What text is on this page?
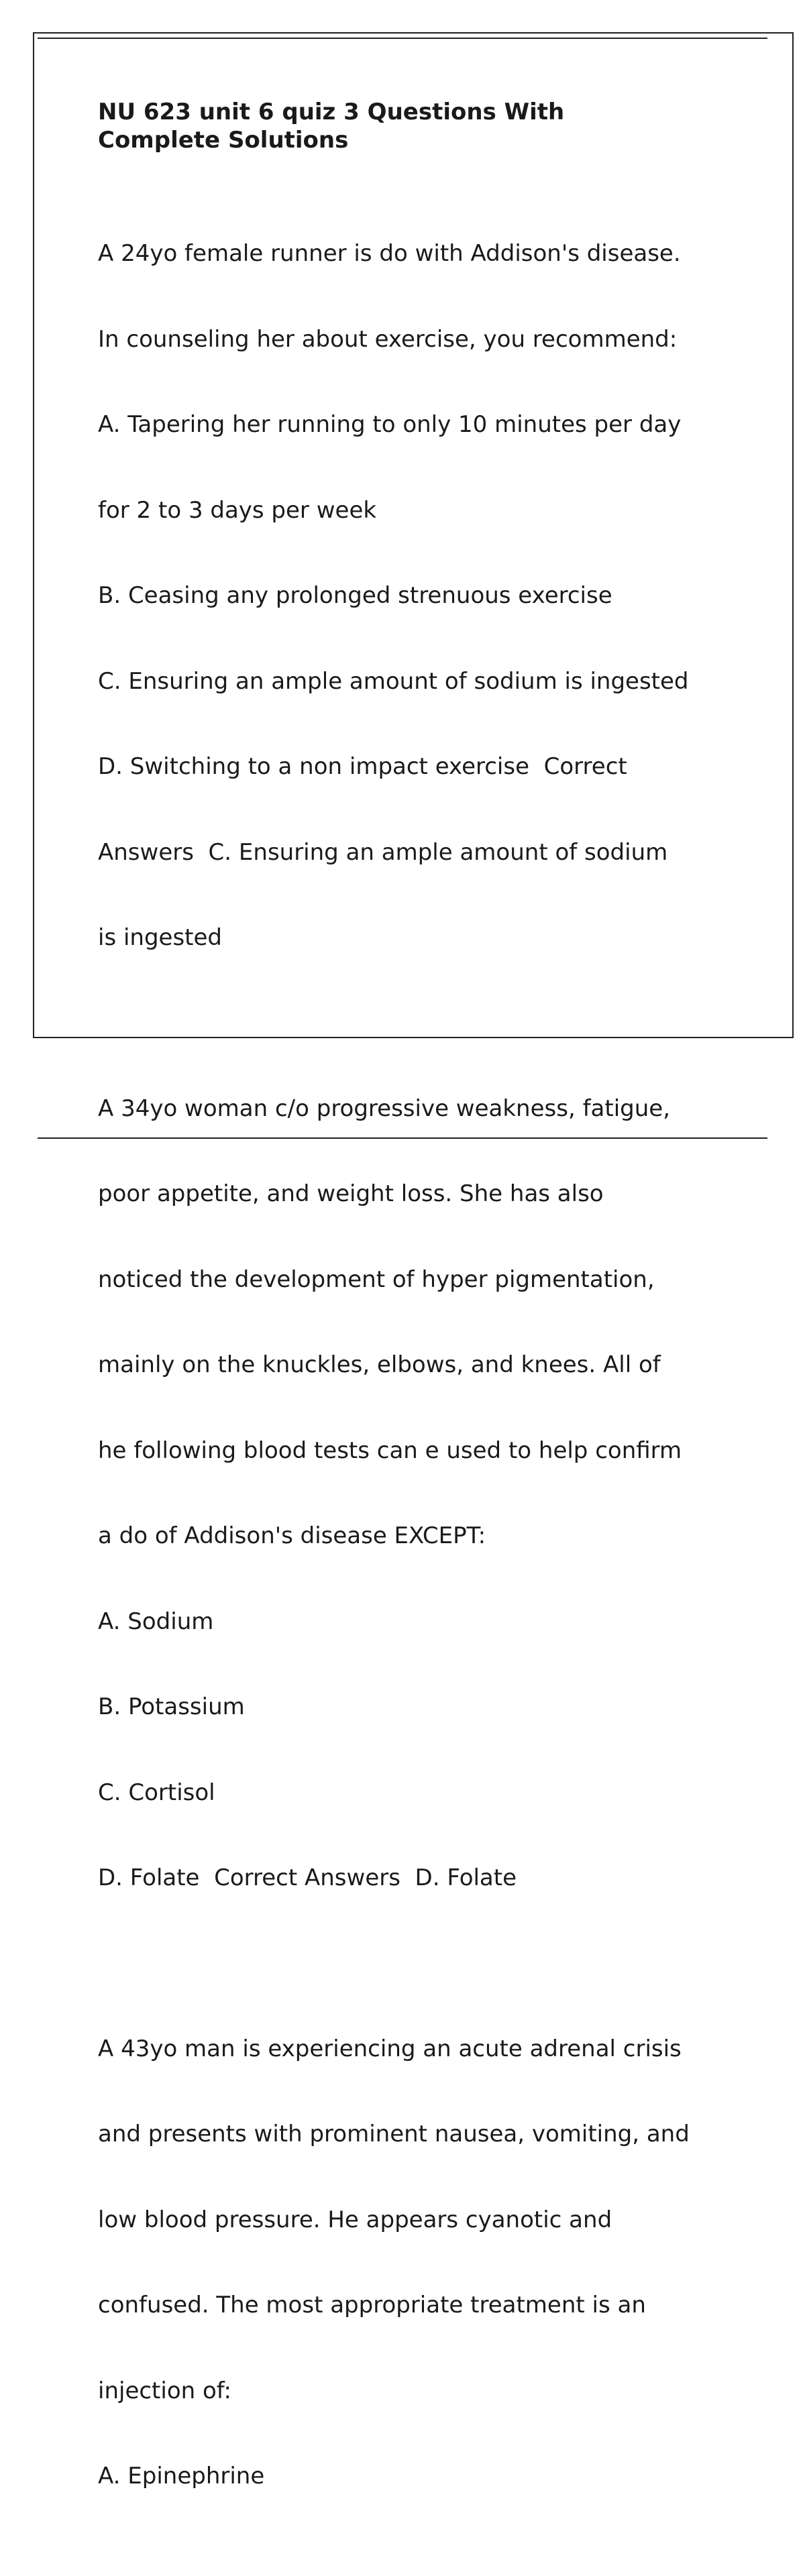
NU 623 unit 6 quiz 3 Questions With Complete Solutions

A 24yo female runner is do with Addison's disease.

In counseling her about exercise, you recommend:

A. Tapering her running to only 10 minutes per day

for 2 to 3 days per week

B. Ceasing any prolonged strenuous exercise

C. Ensuring an ample amount of sodium is ingested

D. Switching to a non impact exercise  Correct

Answers  C. Ensuring an ample amount of sodium

is ingested

A 34yo woman c/o progressive weakness, fatigue,

poor appetite, and weight loss. She has also

noticed the development of hyper pigmentation,

mainly on the knuckles, elbows, and knees. All of

he following blood tests can e used to help confirm

a do of Addison's disease EXCEPT:

A. Sodium

B. Potassium

C. Cortisol

D. Folate  Correct Answers  D. Folate

A 43yo man is experiencing an acute adrenal crisis

and presents with prominent nausea, vomiting, and

low blood pressure. He appears cyanotic and

confused. The most appropriate treatment is an

injection of:

A. Epinephrine
